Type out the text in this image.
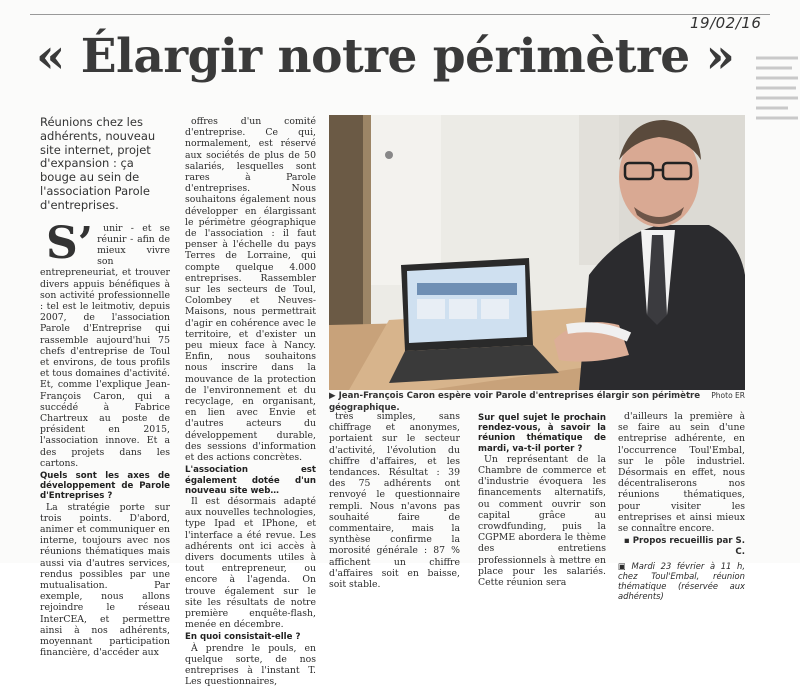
19/02/16
« Élargir notre périmètre »

Réunions chez les adhérents, nouveau site internet, projet d'expansion : ça bouge au sein de l'association Parole d'entreprises.

S’ unir - et se réunir - afin de mieux vivre son entrepreneuriat, et trouver divers appuis bénéfiques à son activité professionnelle : tel est le leitmotiv, depuis 2007, de l'association Parole d'Entreprise qui rassemble aujourd'hui 75 chefs d'entreprise de Toul et environs, de tous profils et tous domaines d'activité. Et, comme l'explique Jean-François Caron, qui a succédé à Fabrice Chartreux au poste de président en 2015, l'association innove. Et a des projets dans les cartons.

Quels sont les axes de développement de Parole d'Entreprises ?

La stratégie porte sur trois points. D'abord, animer et communiquer en interne, toujours avec nos réunions thématiques mais aussi via d'autres services, rendus possibles par une mutualisation. Par exemple, nous allons rejoindre le réseau InterCEA, et permettre ainsi à nos adhérents, moyennant participation financière, d'accéder aux

offres d'un comité d'entreprise. Ce qui, normalement, est réservé aux sociétés de plus de 50 salariés, lesquelles sont rares à Parole d'entreprises. Nous souhaitons également nous développer en élargissant le périmètre géographique de l'association : il faut penser à l'échelle du pays Terres de Lorraine, qui compte quelque 4.000 entreprises. Rassembler sur les secteurs de Toul, Colombey et Neuves-Maisons, nous permettrait d'agir en cohérence avec le territoire, et d'exister un peu mieux face à Nancy. Enfin, nous souhaitons nous inscrire dans la mouvance de la protection de l'environnement et du recyclage, en organisant, en lien avec Envie et d'autres acteurs du développement durable, des sessions d'information et des actions concrètes.

L'association est également dotée d'un nouveau site web…

Il est désormais adapté aux nouvelles technologies, type Ipad et IPhone, et l'interface a été revue. Les adhérents ont ici accès à divers documents utiles à tout entrepreneur, ou encore à l'agenda. On trouve également sur le site les résultats de notre première enquête-flash, menée en décembre.

En quoi consistait-elle ?

À prendre le pouls, en quelque sorte, de nos entreprises à l'instant T. Les questionnaires,

▶ Jean-François Caron espère voir Parole d'entreprises élargir son périmètre géographique.
Photo ER

très simples, sans chiffrage et anonymes, portaient sur le secteur d'activité, l'évolution du chiffre d'affaires, et les tendances. Résultat : 39 des 75 adhérents ont renvoyé le questionnaire rempli. Nous n'avons pas souhaité faire de commentaire, mais la synthèse confirme la morosité générale : 87 % affichent un chiffre d'affaires soit en baisse, soit stable.

Sur quel sujet le prochain rendez-vous, à savoir la réunion thématique de mardi, va-t-il porter ?

Un représentant de la Chambre de commerce et d'industrie évoquera les financements alternatifs, ou comment ouvrir son capital grâce au crowdfunding, puis la CGPME abordera le thème des entretiens professionnels à mettre en place pour les salariés. Cette réunion sera

d'ailleurs la première à se faire au sein d'une entreprise adhérente, en l'occurrence Toul'Embal, sur le pôle industriel. Désormais en effet, nous décentraliserons nos réunions thématiques, pour visiter les entreprises et ainsi mieux se connaître encore.

▪ Propos recueillis par S. C.

▣ Mardi 23 février à 11 h, chez Toul'Embal, réunion thématique (réservée aux adhérents)
